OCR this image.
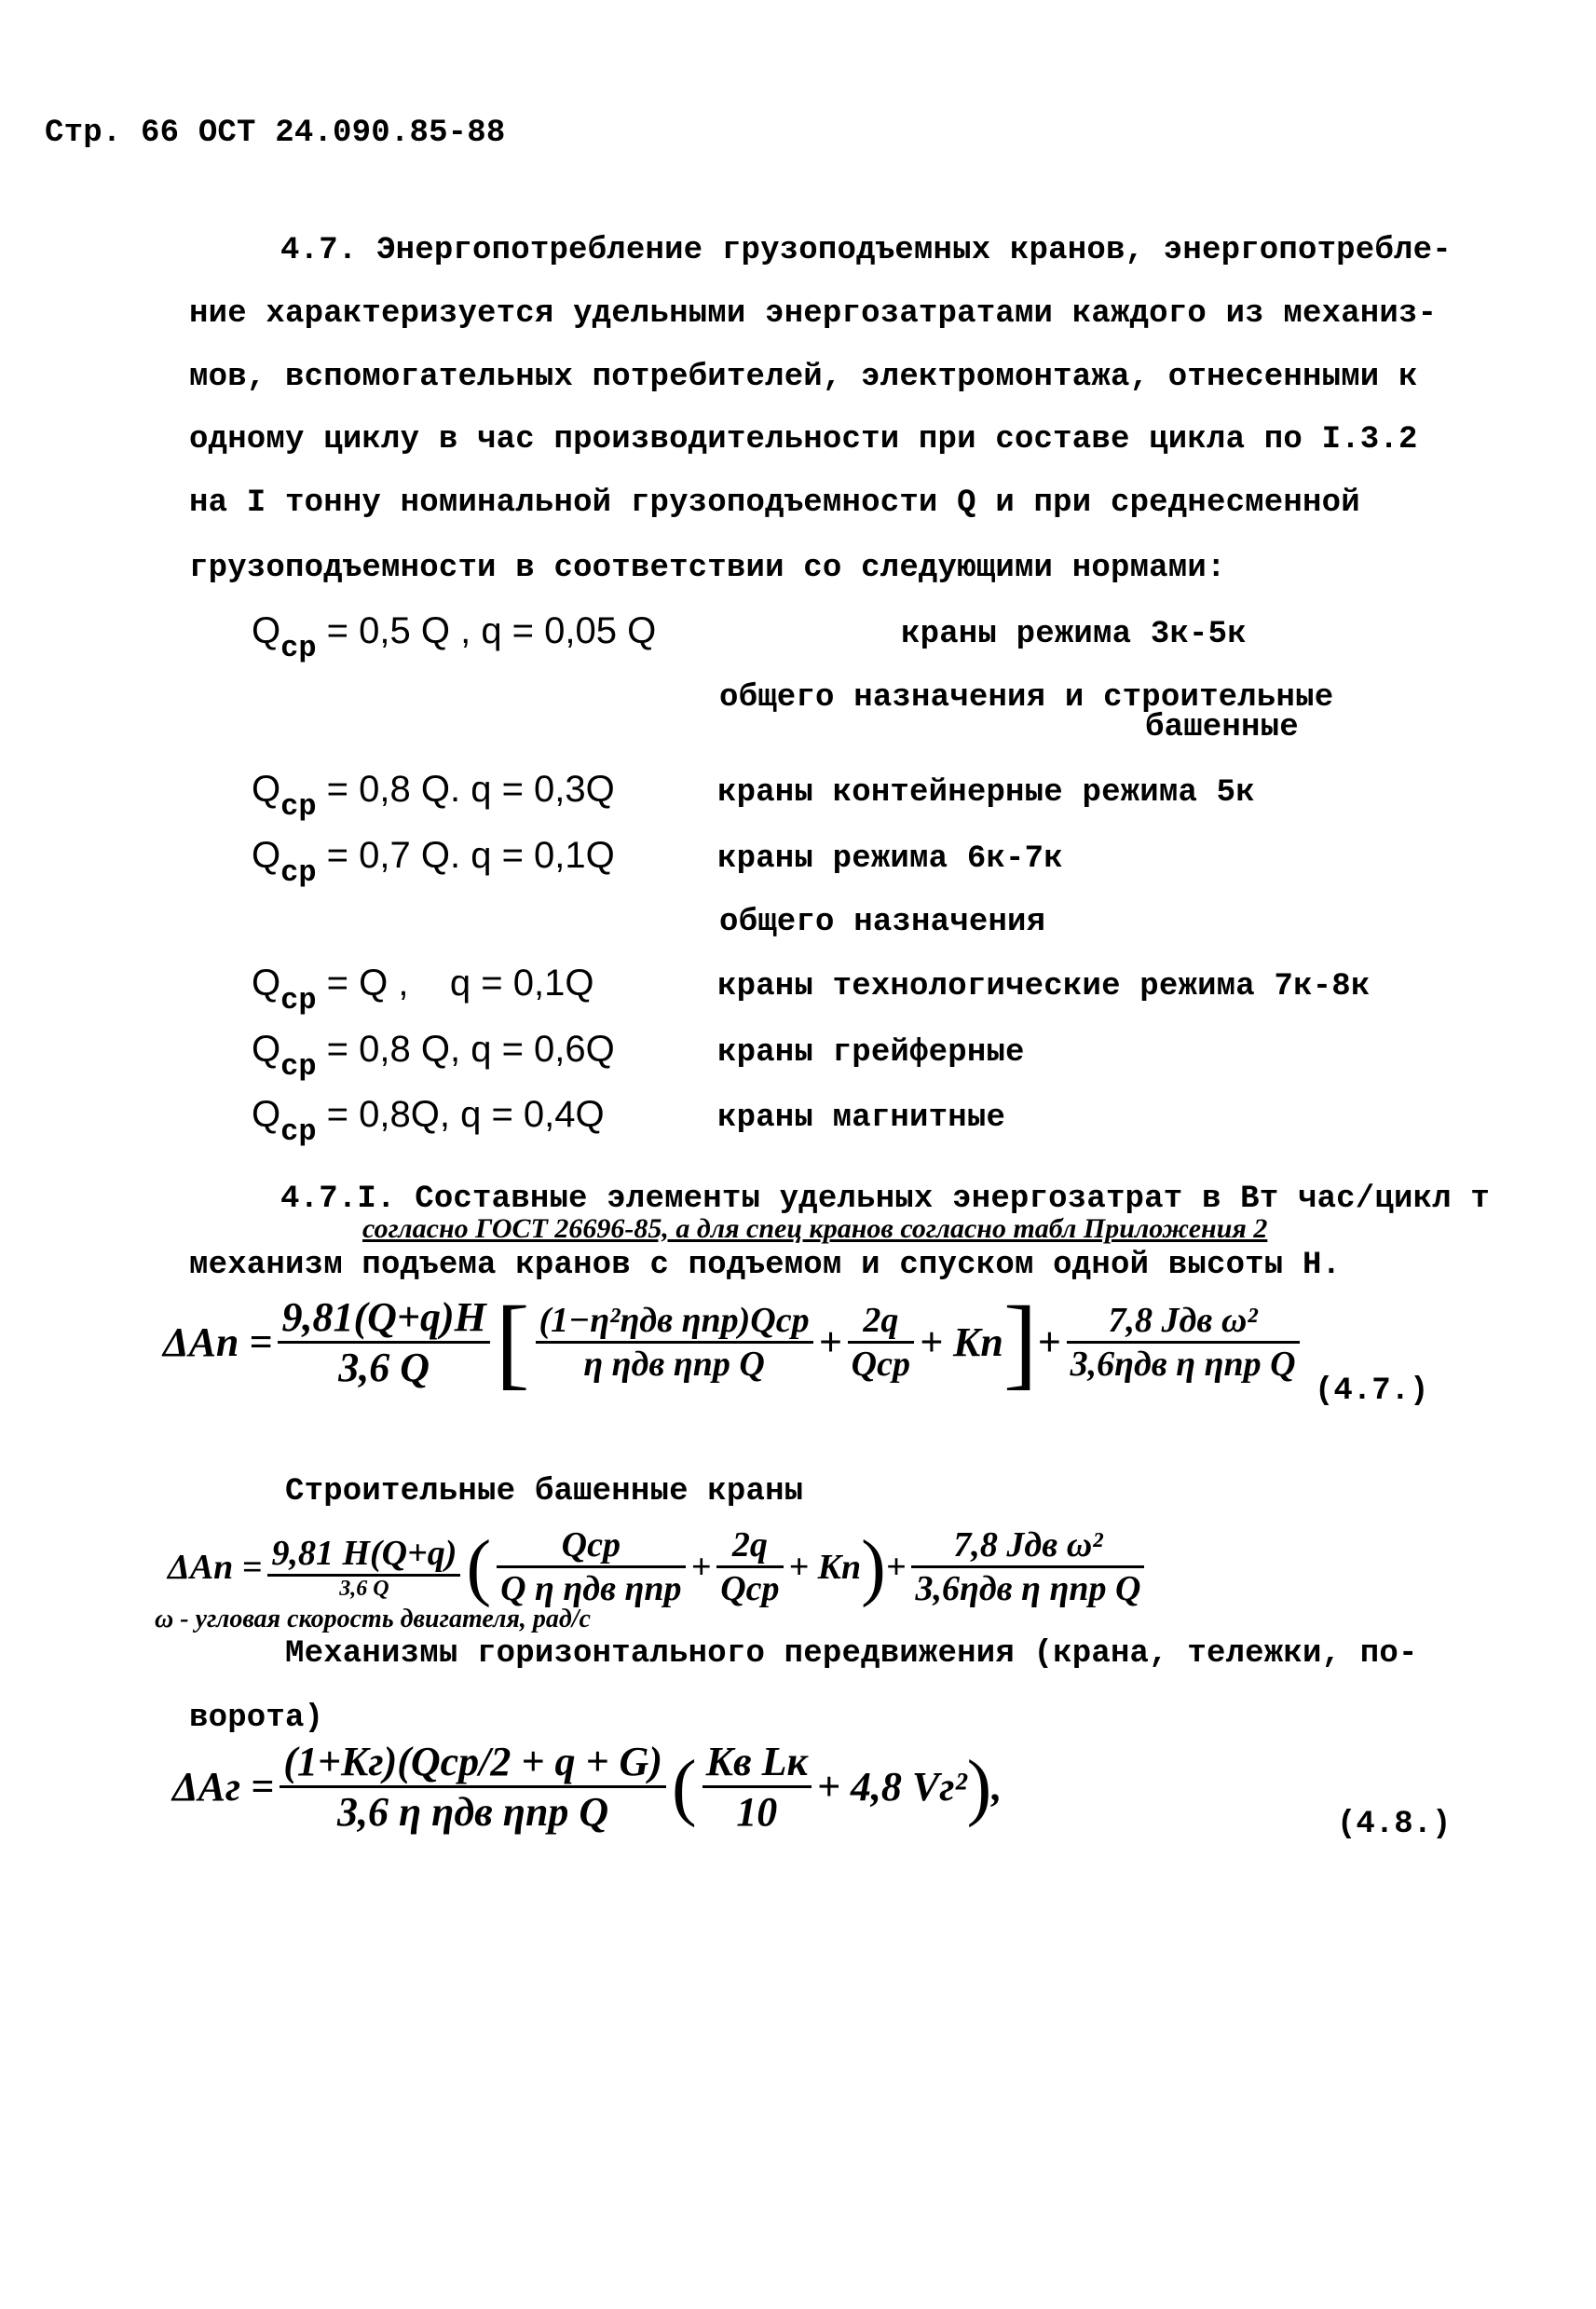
Стр. 66 ОСТ 24.090.85-88
4.7. Энергопотребление грузоподъемных кранов, энергопотребле-
ние характеризуется удельными энергозатратами каждого из механиз-
мов, вспомогательных потребителей, электромонтажа, отнесенными к
одному циклу в час производительности при составе цикла по I.3.2
на I тонну номинальной грузоподъемности Q и при среднесменной
грузоподъемности в соответствии со следующими нормами:
$Q_{ср} = 0,5$ Q , q = 0,05 Q	краны режима 3к-5к
общего назначения и строительные
башенные
$Q_{ср} = 0,8$ Q. q = 0,3Q	краны контейнерные режима 5к
$Q_{ср} = 0,7$ Q. q = 0,1Q	краны режима 6к-7к
общего назначения
$Q_{ср} = Q$ , q = 0,1Q	краны технологические режима 7к-8к
$Q_{ср} = 0,8$ Q, q = 0,6Q	краны грейферные
$Q_{ср} = 0,8Q$, q = 0,4Q	краны магнитные
4.7.I. Составные элементы удельных энергозатрат в Вт час/цикл т
согласно ГОСТ 26696-85, а для спец кранов согласно табл Приложения 2
механизм подъема кранов с подъемом и спуском одной высоты Н.
$\Delta Aп = \frac{9,81(Q+q)H}{3,6 Q}$ [ $\frac{\text{(1−η²ηдв ηпр)Qср}}{\text{η ηдв ηпр Q}} + \frac{2q}{\text{Qср}}$ + Kп ] + $\frac{\text{7,8 Jдв ω²}}{\text{3,6ηдв η ηпр Q}}$
(4.7.)
Строительные башенные краны
$\Delta Aп = \frac{9,81 H(Q+q)}{3,6 Q}$ ( $\frac{\text{Qср}}{\text{Q η ηдв ηпр}} + \frac{2q}{\text{Qср}}$ + Kп ) + $\frac{\text{7,8 Jдв ω²}}{\text{3,6ηдв η ηпр Q}}$
ω - угловая скорость двигателя, рад/с
Механизмы горизонтального передвижения (крана, тележки, по-
ворота)
$\Delta Aг = \frac{\text{(1+Kг)(Qср/2 + q + G)}}{\text{3,6 η ηдв ηпр Q}}$ ( $\frac{\text{Kв Lк}}{10} + 4,8$ Vг² ) ,
(4.8.)
